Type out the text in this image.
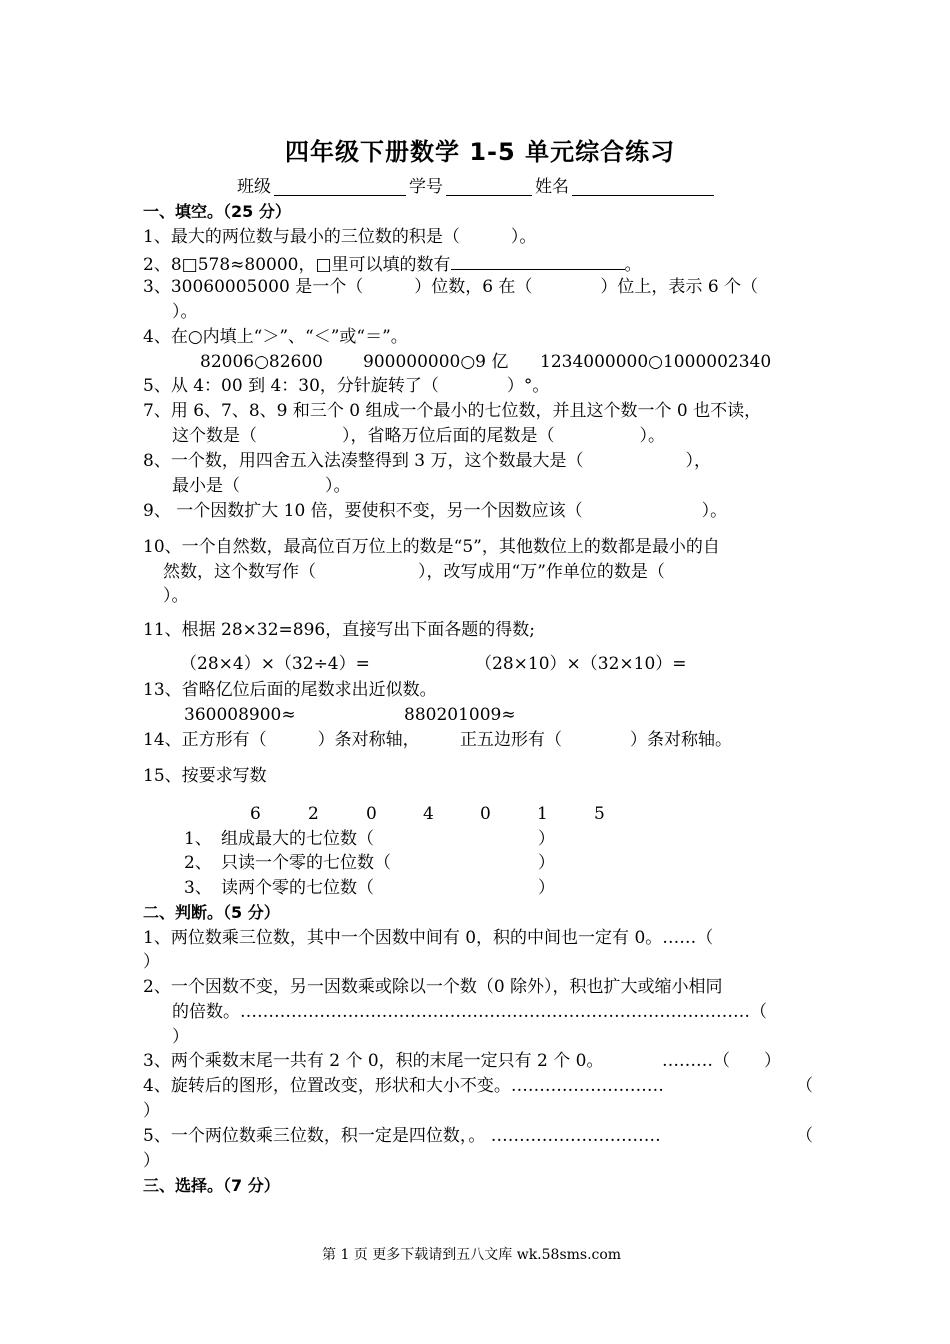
四年级下册数学 1-5 单元综合练习
班级	学号	姓名
一、填空。（25 分）
1、最大的两位数与最小的三位数的积是（　　　）。
2、8□578≈80000，□里可以填的数有	。
3、30060005000 是一个（　　　）位数，6 在（　　　　）位上，表示 6 个（
）。
4、在○内填上“＞”、“＜”或“＝”。
82006○82600 900000000○9 亿 1234000000○1000002340
5、从 4：00 到 4：30，分针旋转了（　　　　）°。
7、用 6、7、8、9 和三个 0 组成一个最小的七位数，并且这个数一个 0 也不读，
这个数是（　　　　　），省略万位后面的尾数是（　　　　　）。
8、一个数，用四舍五入法凑整得到 3 万，这个数最大是（　　　　　　），
最小是（　　　　　）。
9、 一个因数扩大 10 倍，要使积不变，另一个因数应该（　　　　　　　）。
10、一个自然数，最高位百万位上的数是“5”，其他数位上的数都是最小的自
然数，这个数写作（　　　　　　），改写成用“万”作单位的数是（
）。
11、根据 28×32=896，直接写出下面各题的得数;
（28×4）×（32÷4）=	（28×10）×（32×10）=
13、省略亿位后面的尾数求出近似数。
360008900≈	880201009≈
14、正方形有（　　　）条对称轴， 正五边形有（　　　　）条对称轴。
15、按要求写数
6	2	0	4	0	1	5
1、 组成最大的七位数（	）
2、 只读一个零的七位数（	）
3、 读两个零的七位数（	）
二、判断。（5 分）
1、两位数乘三位数，其中一个因数中间有 0，积的中间也一定有 0。……（
）
2、一个因数不变，另一因数乘或除以一个数（0 除外），积也扩大或缩小相同
的倍数。………………………………………………………………………………（
）
3、两个乘数末尾一共有 2 个 0，积的末尾一定只有 2 个 0。	………（　　）
4、旋转后的图形，位置改变，形状和大小不变。………………………	（
）
5、一个两位数乘三位数，积一定是四位数，。 …………………………	（
）
三、选择。（7 分）
第 1 页 更多下载请到五八文库 wk.58sms.com
